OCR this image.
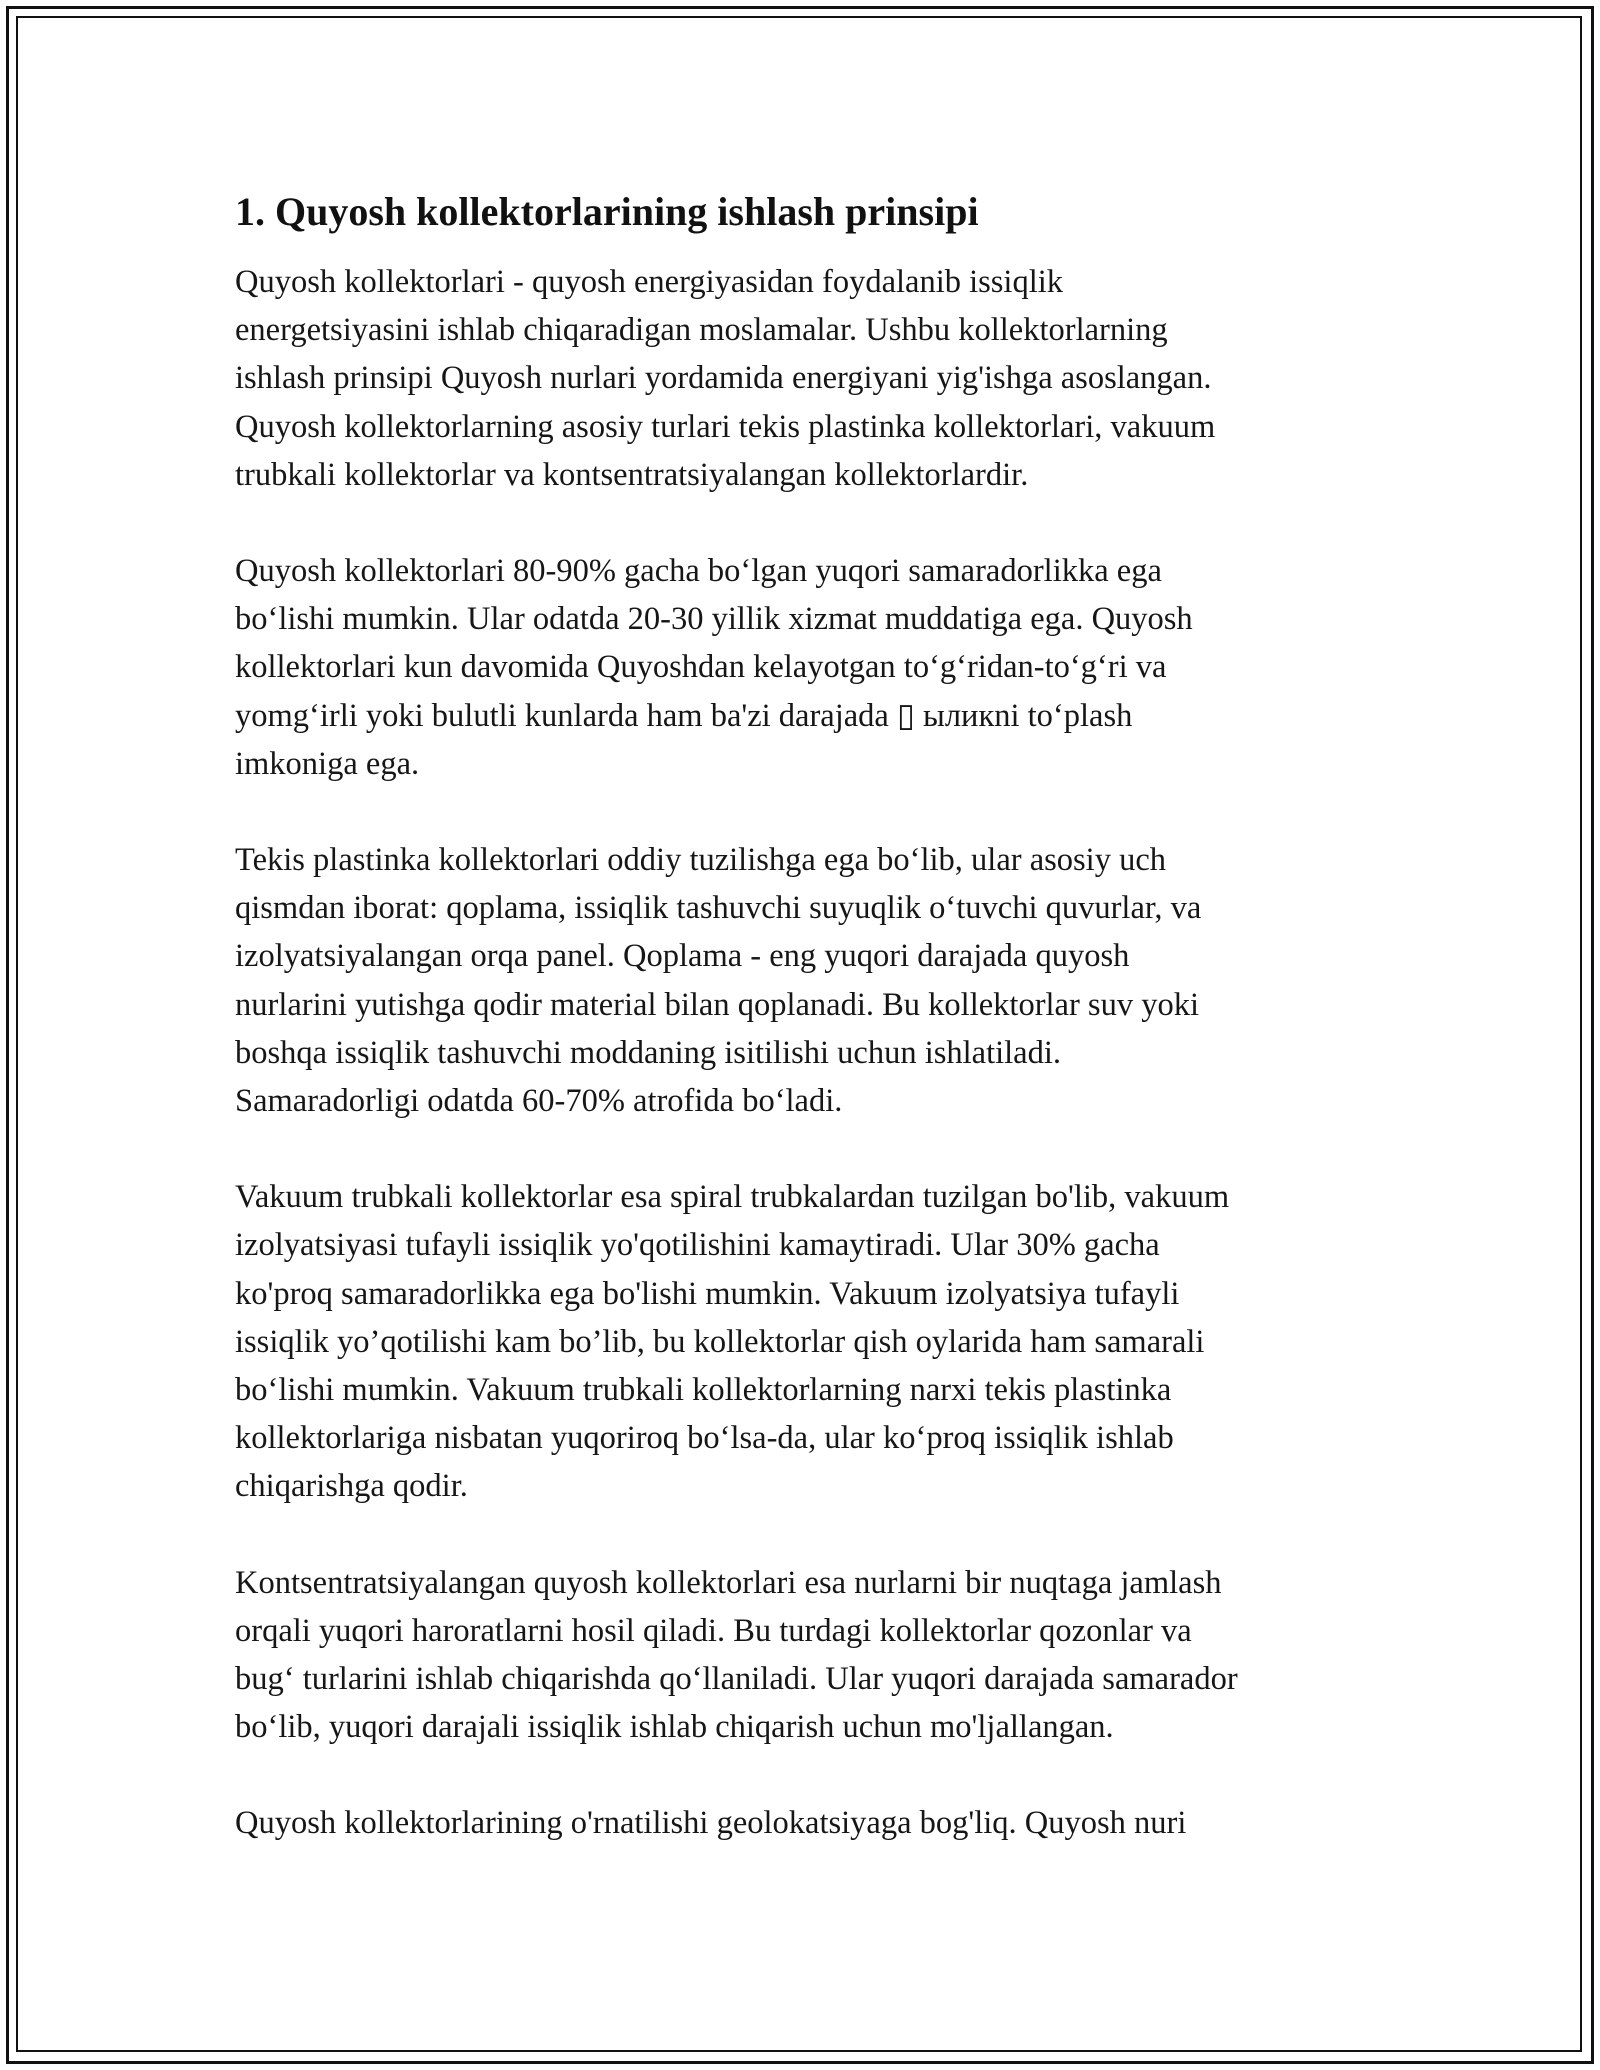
1. Quyosh kollektorlarining ishlash prinsipi
Quyosh kollektorlari - quyosh energiyasidan foydalanib issiqlik
energetsiyasini ishlab chiqaradigan moslamalar. Ushbu kollektorlarning
ishlash prinsipi Quyosh nurlari yordamida energiyani yig'ishga asoslangan.
Quyosh kollektorlarning asosiy turlari tekis plastinka kollektorlari, vakuum
trubkali kollektorlar va kontsentratsiyalangan kollektorlardir.
Quyosh kollektorlari 80-90% gacha boʻlgan yuqori samaradorlikka ega
boʻlishi mumkin. Ular odatda 20-30 yillik xizmat muddatiga ega. Quyosh
kollektorlari kun davomida Quyoshdan kelayotgan toʻgʻridan-toʻgʻri va
yomgʻirli yoki bulutli kunlarda ham ba'zi darajada ▯ ыликni toʻplash
imkoniga ega.
Tekis plastinka kollektorlari oddiy tuzilishga ega boʻlib, ular asosiy uch
qismdan iborat: qoplama, issiqlik tashuvchi suyuqlik oʻtuvchi quvurlar, va
izolyatsiyalangan orqa panel. Qoplama - eng yuqori darajada quyosh
nurlarini yutishga qodir material bilan qoplanadi. Bu kollektorlar suv yoki
boshqa issiqlik tashuvchi moddaning isitilishi uchun ishlatiladi.
Samaradorligi odatda 60-70% atrofida boʻladi.
Vakuum trubkali kollektorlar esa spiral trubkalardan tuzilgan bo'lib, vakuum
izolyatsiyasi tufayli issiqlik yo'qotilishini kamaytiradi. Ular 30% gacha
ko'proq samaradorlikka ega bo'lishi mumkin. Vakuum izolyatsiya tufayli
issiqlik yo’qotilishi kam bo’lib, bu kollektorlar qish oylarida ham samarali
boʻlishi mumkin. Vakuum trubkali kollektorlarning narxi tekis plastinka
kollektorlariga nisbatan yuqoriroq boʻlsa-da, ular koʻproq issiqlik ishlab
chiqarishga qodir.
Kontsentratsiyalangan quyosh kollektorlari esa nurlarni bir nuqtaga jamlash
orqali yuqori haroratlarni hosil qiladi. Bu turdagi kollektorlar qozonlar va
bugʻ turlarini ishlab chiqarishda qoʻllaniladi. Ular yuqori darajada samarador
boʻlib, yuqori darajali issiqlik ishlab chiqarish uchun mo'ljallangan.
Quyosh kollektorlarining o'rnatilishi geolokatsiyaga bog'liq. Quyosh nuri
